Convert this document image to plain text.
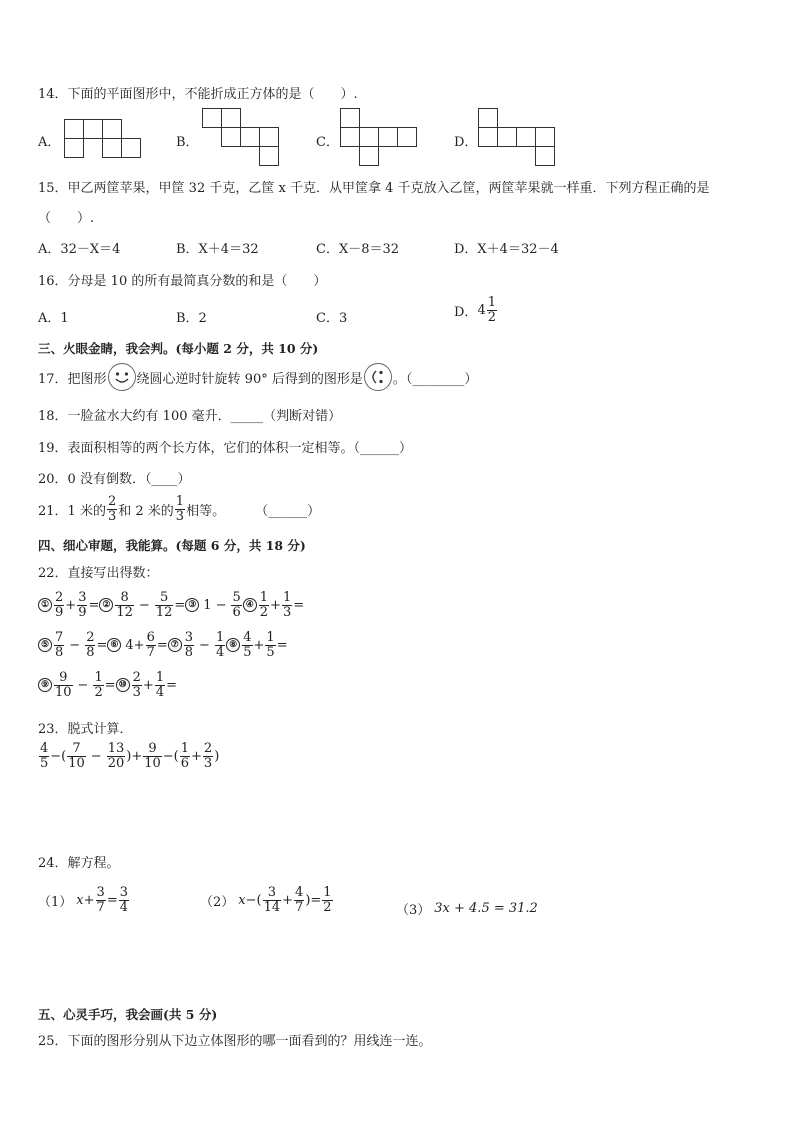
14．下面的平面图形中，不能折成正方体的是（　　）.
A．	B．	C．	D．
15．甲乙两筐苹果，甲筐 32 千克，乙筐 x 千克．从甲筐拿 4 千克放入乙筐，两筐苹果就一样重．下列方程正确的是
（　　）.
A．32－X＝4	B．X＋4＝32	C．X－8＝32	D．X＋4＝32－4
16．分母是 10 的所有最简真分数的和是（　　）
A．1	B．2	C．3	D． $4 \frac{1}{2}$
三、火眼金睛，我会判。(每小题 2 分，共 10 分)
17．把图形 绕圆心逆时针旋转 90° 后得到的图形是 。（________）
18．一脸盆水大约有 100 毫升．_____（判断对错）
19．表面积相等的两个长方体，它们的体积一定相等。（______）
20．0 没有倒数．（____）
21．1 米的 $\frac{2}{3}$ 和 2 米的 $\frac{1}{3}$ 相等。 （______）
四、细心审题，我能算。(每题 6 分，共 18 分)
22．直接写出得数：
① $\frac{2}{9} + \frac{3}{9}$ = ② $\frac{8}{12} - \frac{5}{12}$ = ③ $1 - \frac{5}{6}$ ④ $\frac{1}{2} + \frac{1}{3}$ =
⑤ $\frac{7}{8} - \frac{2}{8}$ = ⑥ $4 + \frac{6}{7}$ = ⑦ $\frac{3}{8} - \frac{1}{4}$ ⑧ $\frac{4}{5} + \frac{1}{5}$ =
⑨ $\frac{9}{10} - \frac{1}{2}$ = ⑩ $\frac{2}{3} + \frac{1}{4}$ =
23．脱式计算．
$\frac{4}{5}$ −( $\frac{7}{10} - \frac{13}{20}$ )+ $\frac{9}{10}$ −( $\frac{1}{6} + \frac{2}{3}$ )
24．解方程。
（1） $x + \frac{3}{7} = \frac{3}{4}$	（2） x −( $\frac{3}{14} + \frac{4}{7}$ )= $\frac{1}{2}$	（3） 3x + 4.5 = 31.2
五、心灵手巧，我会画(共 5 分)
25．下面的图形分别从下边立体图形的哪一面看到的？用线连一连。
